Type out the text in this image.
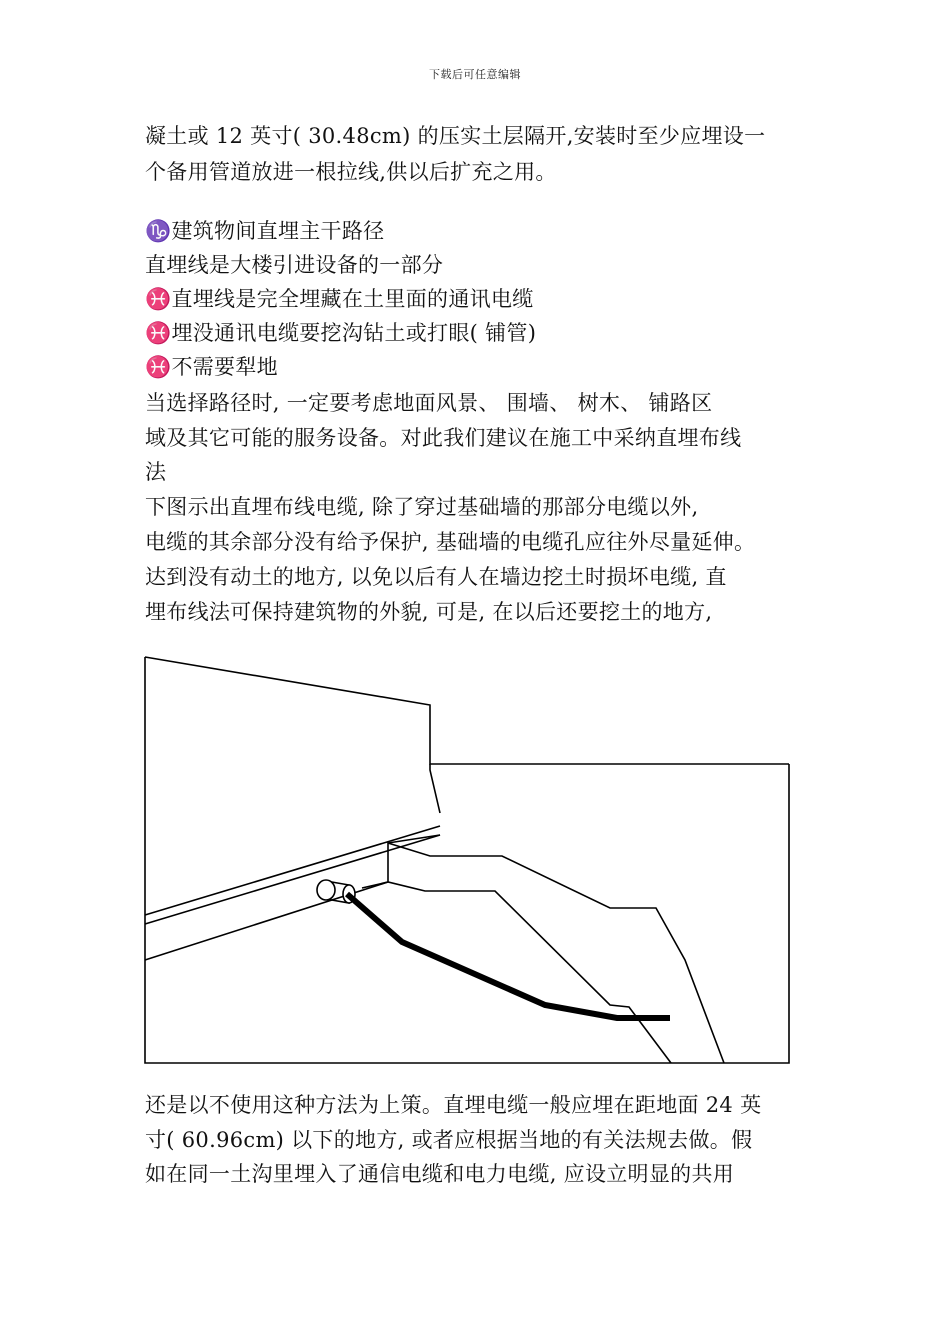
下载后可任意编辑
凝土或 12 英寸( 30.48cm) 的压实土层隔开,安装时至少应埋设一
个备用管道放进一根拉线,供以后扩充之用。
♑建筑物间直埋主干路径
直埋线是大楼引进设备的一部分
♓直埋线是完全埋藏在土里面的通讯电缆
♓埋没通讯电缆要挖沟钻土或打眼( 铺管)
♓不需要犁地
当选择路径时, 一定要考虑地面风景、 围墙、 树木、 铺路区
域及其它可能的服务设备。对此我们建议在施工中采纳直埋布线
法
下图示出直埋布线电缆, 除了穿过基础墙的那部分电缆以外,
电缆的其余部分没有给予保护, 基础墙的电缆孔应往外尽量延伸。
达到没有动土的地方, 以免以后有人在墙边挖土时损坏电缆, 直
埋布线法可保持建筑物的外貌, 可是, 在以后还要挖土的地方,
还是以不使用这种方法为上策。直埋电缆一般应埋在距地面 24 英
寸( 60.96cm) 以下的地方, 或者应根据当地的有关法规去做。假
如在同一土沟里埋入了通信电缆和电力电缆, 应设立明显的共用
